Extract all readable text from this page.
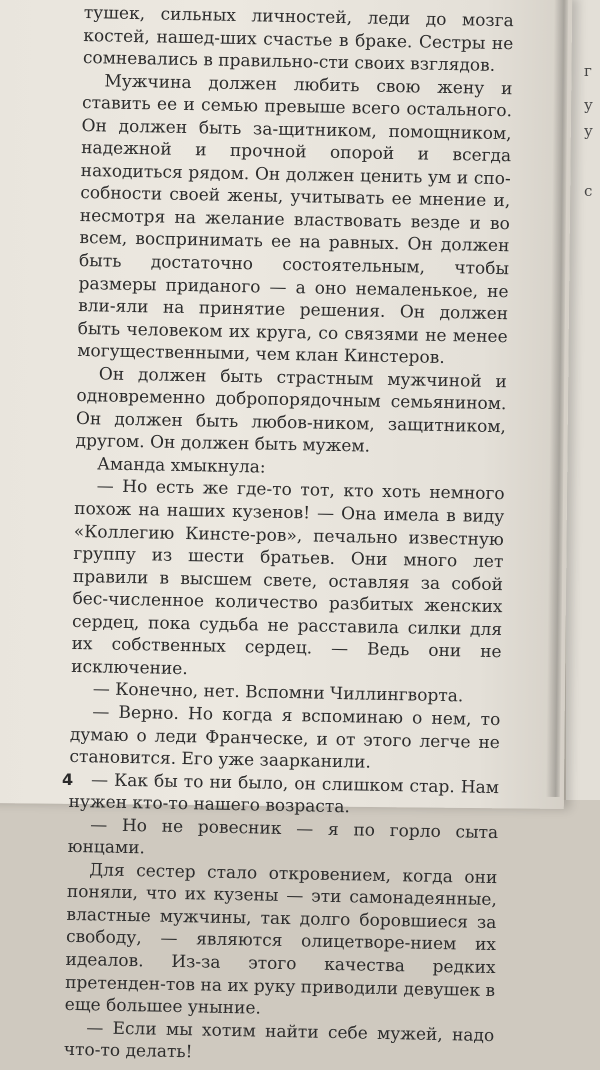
г
у
у
с

тушек, сильных личностей, леди до мозга костей, нашед-ших счастье в браке. Сестры не сомневались в правильно-сти своих взглядов.

Мужчина должен любить свою жену и ставить ее и семью превыше всего остального. Он должен быть за-щитником, помощником, надежной и прочной опорой и всегда находиться рядом. Он должен ценить ум и спо-собности своей жены, учитывать ее мнение и, несмотря на желание властвовать везде и во всем, воспринимать ее на равных. Он должен быть достаточно состоятельным, чтобы размеры приданого — а оно немаленькое, не вли-яли на принятие решения. Он должен быть человеком их круга, со связями не менее могущественными, чем клан Кинстеров.

Он должен быть страстным мужчиной и одновременно добропорядочным семьянином. Он должен быть любов-ником, защитником, другом. Он должен быть мужем.

Аманда хмыкнула:

— Но есть же где-то тот, кто хоть немного похож на наших кузенов! — Она имела в виду «Коллегию Кинсте-ров», печально известную группу из шести братьев. Они много лет правили в высшем свете, оставляя за собой бес-численное количество разбитых женских сердец, пока судьба не расставила силки для их собственных сердец. — Ведь они не исключение.

— Конечно, нет. Вспомни Чиллингворта.

— Верно. Но когда я вспоминаю о нем, то думаю о леди Франческе, и от этого легче не становится. Его уже заарканили.

— Как бы то ни было, он слишком стар. Нам нужен кто-то нашего возраста.

— Но не ровесник — я по горло сыта юнцами.

Для сестер стало откровением, когда они поняли, что их кузены — эти самонадеянные, властные мужчины, так долго боровшиеся за свободу, — являются олицетворе-нием их идеалов. Из-за этого качества редких претенден-тов на их руку приводили девушек в еще большее уныние.

— Если мы хотим найти себе мужей, надо что-то делать!

4
